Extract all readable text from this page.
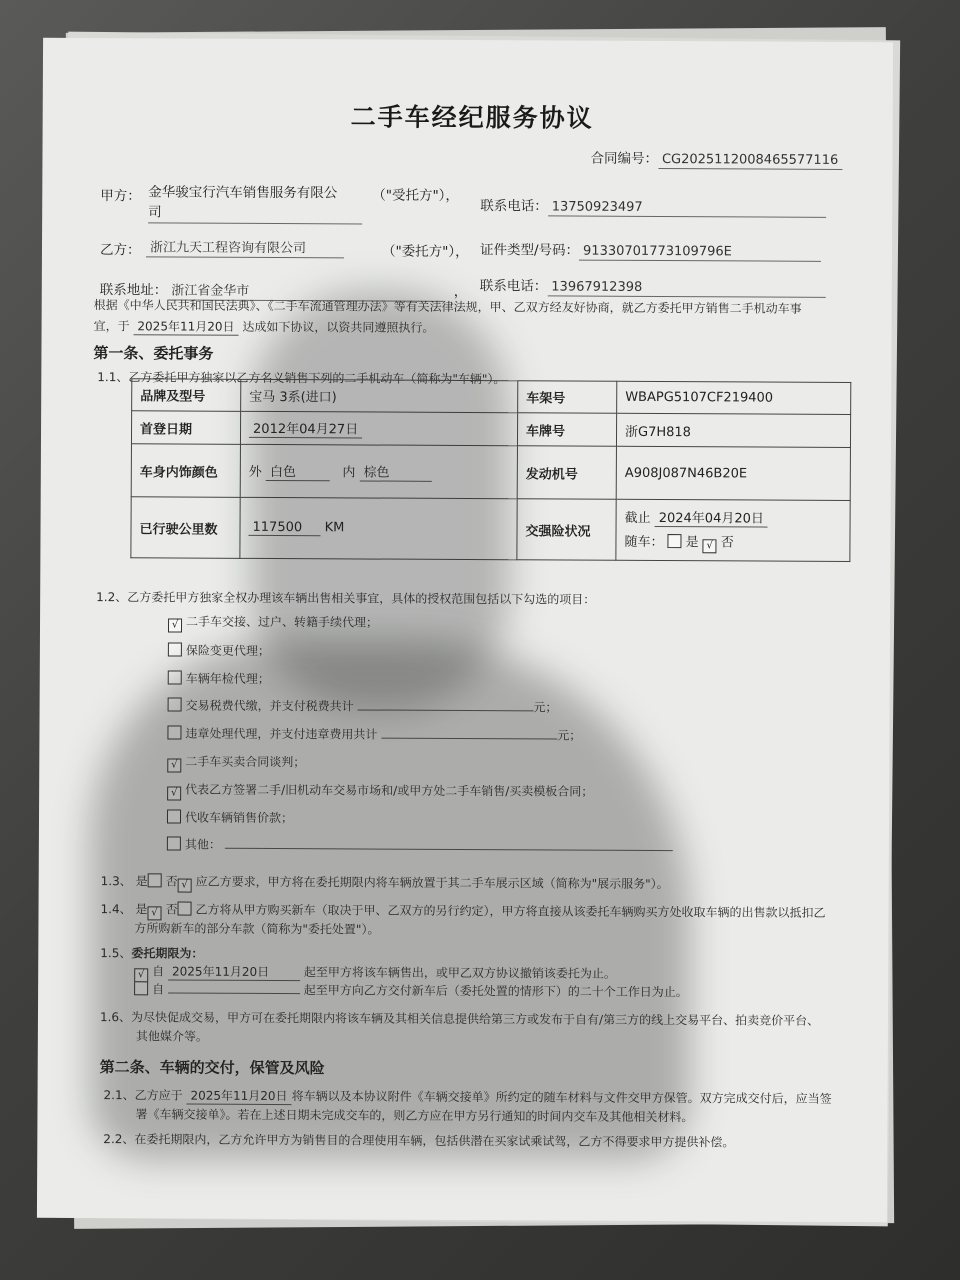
二手车经纪服务协议
合同编号： CG2025112008465577116
甲方： 金华骏宝行汽车销售服务有限公
司
（"受托方"），
联系电话： 13750923497
乙方： 浙江九天工程咨询有限公司	（"委托方"）， 证件类型/号码： 91330701773109796E
联系地址： 浙江省金华市	， 联系电话： 13967912398
根据《中华人民共和国民法典》、《二手车流通管理办法》等有关法律法规，甲、乙双方经友好协商，就乙方委托甲方销售二手机动车事
宜，于 2025年11月20日 达成如下协议，以资共同遵照执行。
第一条、委托事务
1.1、乙方委托甲方独家以乙方名义销售下列的二手机动车（简称为"车辆"）。
品牌及型号	宝马 3系(进口)	车架号	WBAPG5107CF219400
首登日期	2012年04月27日	车牌号	浙G7H818
车身内饰颜色	外 白色 内 棕色	发动机号	A908J087N46B20E
已行驶公里数	117500 KM	交强险状况	截止 2024年04月20日
随车： 是 √ 否
1.2、乙方委托甲方独家全权办理该车辆出售相关事宜，具体的授权范围包括以下勾选的项目：
√ 二手车交接、过户、转籍手续代理；
保险变更代理；
车辆年检代理；
交易税费代缴，并支付税费共计	元；
违章处理代理，并支付违章费用共计	元；
√ 二手车买卖合同谈判；
√ 代表乙方签署二手/旧机动车交易市场和/或甲方处二手车销售/买卖模板合同；
代收车辆销售价款；
其他：
1.3、 是 否 √ 应乙方要求，甲方将在委托期限内将车辆放置于其二手车展示区域（简称为"展示服务"）。
1.4、 是 √ 否 乙方将从甲方购买新车（取决于甲、乙双方的另行约定），甲方将直接从该委托车辆购买方处收取车辆的出售款以抵扣乙
方所购新车的部分车款（简称为"委托处置"）。
1.5、委托期限为：
√ 自 2025年11月20日	起至甲方将该车辆售出，或甲乙双方协议撤销该委托为止。
自	起至甲方向乙方交付新车后（委托处置的情形下）的二十个工作日为止。
1.6、为尽快促成交易，甲方可在委托期限内将该车辆及其相关信息提供给第三方或发布于自有/第三方的线上交易平台、拍卖竞价平台、
其他媒介等。
第二条、车辆的交付，保管及风险
2.1、乙方应于 2025年11月20日 将车辆以及本协议附件《车辆交接单》所约定的随车材料与文件交甲方保管。双方完成交付后，应当签
署《车辆交接单》。若在上述日期未完成交车的，则乙方应在甲方另行通知的时间内交车及其他相关材料。
2.2、在委托期限内，乙方允许甲方为销售目的合理使用车辆，包括供潜在买家试乘试驾，乙方不得要求甲方提供补偿。
